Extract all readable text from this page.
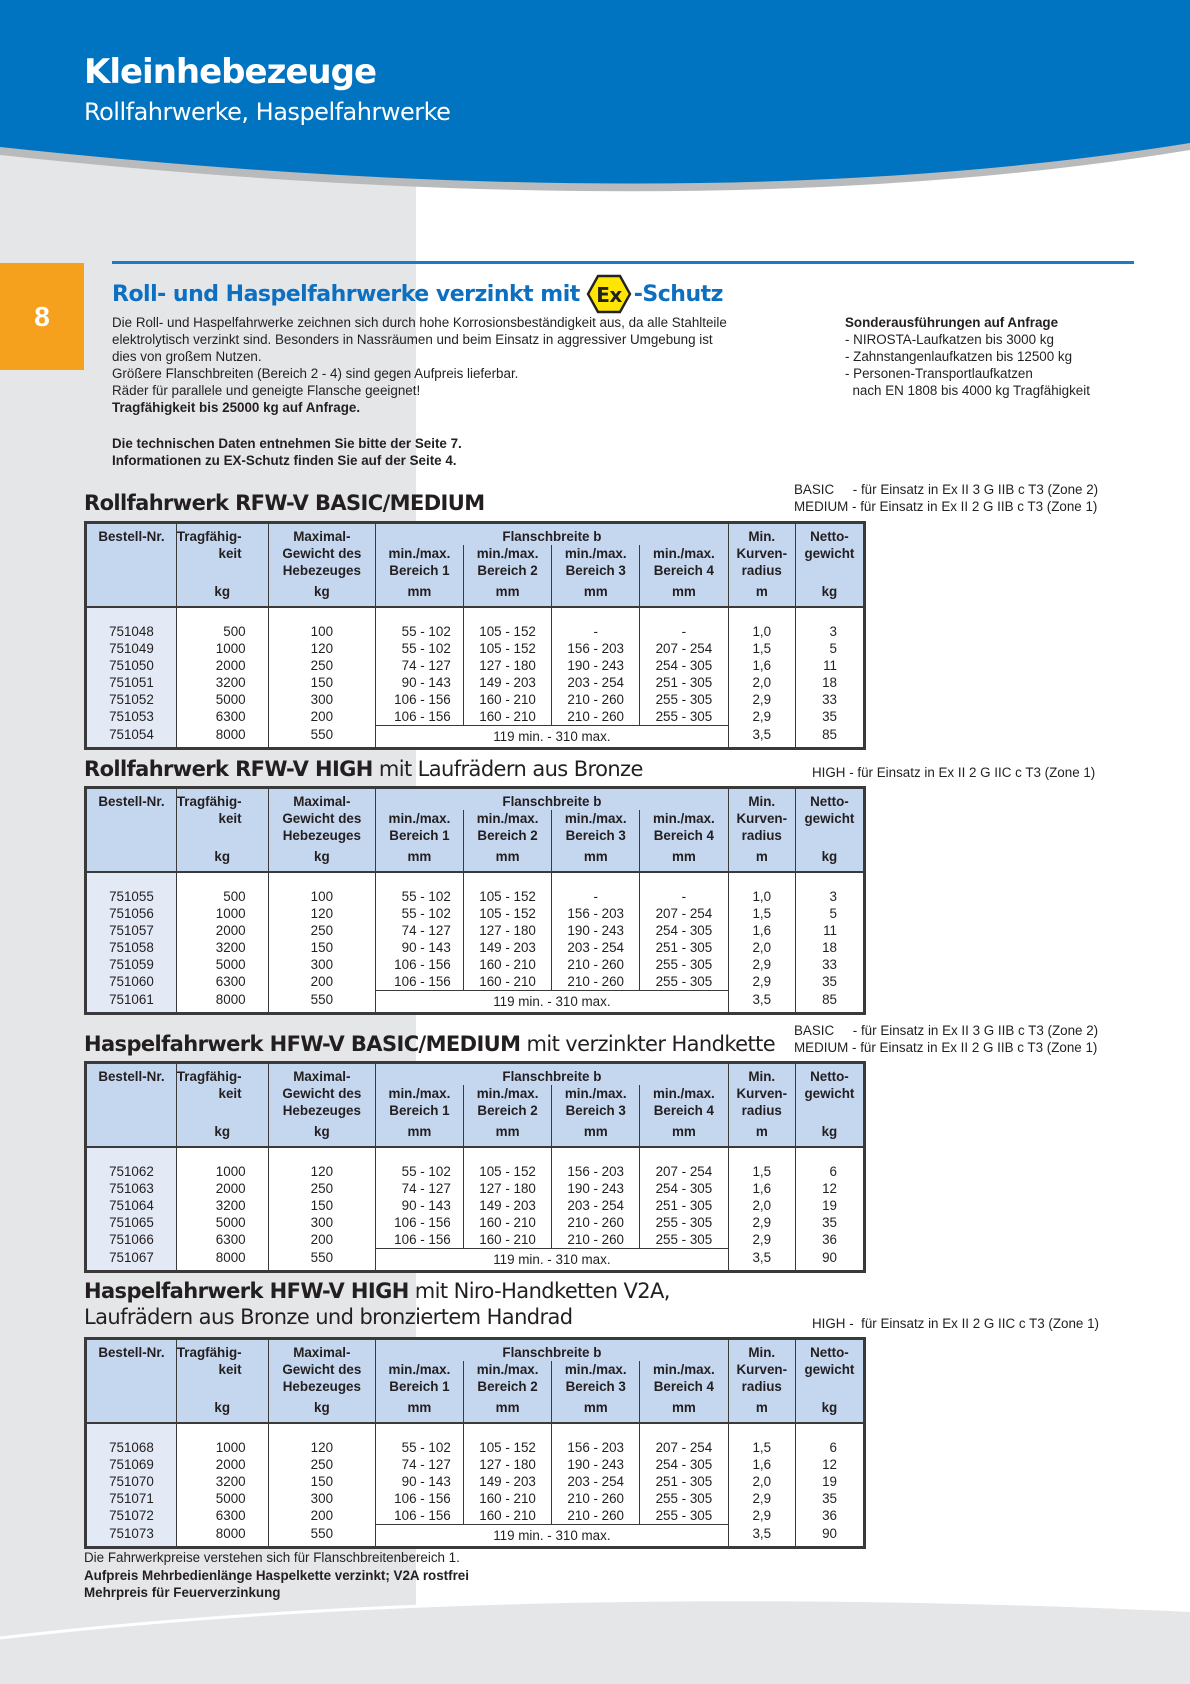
Kleinhebezeuge
Rollfahrwerke, Haspelfahrwerke
8
Roll- und Haspelfahrwerke verzinkt mit Ex -Schutz

Die Roll- und Haspelfahrwerke zeichnen sich durch hohe Korrosionsbeständigkeit aus, da alle Stahlteile

elektrolytisch verzinkt sind. Besonders in Nassräumen und beim Einsatz in aggressiver Umgebung ist

dies von großem Nutzen.

Größere Flanschbreiten (Bereich 2 - 4) sind gegen Aufpreis lieferbar.

Räder für parallele und geneigte Flansche geeignet!

Tragfähigkeit bis 25000 kg auf Anfrage.

Die technischen Daten entnehmen Sie bitte der Seite 7.

Informationen zu EX-Schutz finden Sie auf der Seite 4.

Sonderausführungen auf Anfrage

- NIROSTA-Laufkatzen bis 3000 kg

- Zahnstangenlaufkatzen bis 12500 kg

- Personen-Transportlaufkatzen

nach EN 1808 bis 4000 kg Tragfähigkeit

Rollfahrwerk RFW-V BASIC/MEDIUM
BASIC     - für Einsatz in Ex II 3 G IIB c T3 (Zone 2)
MEDIUM - für Einsatz in Ex II 2 G IIB c T3 (Zone 1)
Bestell-Nr.	Tragfähig-
keit	Maximal-
Gewicht des
Hebezeuges	Flanschbreite b				Min.
Kurven-
radius	Netto-
gewicht
			min./max.
Bereich 1	min./max.
Bereich 2	min./max.
Bereich 3	min./max.
Bereich 4		
	kg	kg	mm	mm	mm	mm	m	kg

751048	500	100	55 - 102	105 - 152	-	-	1,0	3
751049	1000	120	55 - 102	105 - 152	156 - 203	207 - 254	1,5	5
751050	2000	250	74 - 127	127 - 180	190 - 243	254 - 305	1,6	11
751051	3200	150	90 - 143	149 - 203	203 - 254	251 - 305	2,0	18
751052	5000	300	106 - 156	160 - 210	210 - 260	255 - 305	2,9	33
751053	6300	200	106 - 156	160 - 210	210 - 260	255 - 305	2,9	35
751054	8000	550	119 min. - 310 max.				3,5	85
Rollfahrwerk RFW-V HIGH mit Laufrädern aus Bronze	HIGH - für Einsatz in Ex II 2 G IIC c T3 (Zone 1)
Bestell-Nr.	Tragfähig-
keit	Maximal-
Gewicht des
Hebezeuges	Flanschbreite b				Min.
Kurven-
radius	Netto-
gewicht
			min./max.
Bereich 1	min./max.
Bereich 2	min./max.
Bereich 3	min./max.
Bereich 4		
	kg	kg	mm	mm	mm	mm	m	kg

751055	500	100	55 - 102	105 - 152	-	-	1,0	3
751056	1000	120	55 - 102	105 - 152	156 - 203	207 - 254	1,5	5
751057	2000	250	74 - 127	127 - 180	190 - 243	254 - 305	1,6	11
751058	3200	150	90 - 143	149 - 203	203 - 254	251 - 305	2,0	18
751059	5000	300	106 - 156	160 - 210	210 - 260	255 - 305	2,9	33
751060	6300	200	106 - 156	160 - 210	210 - 260	255 - 305	2,9	35
751061	8000	550	119 min. - 310 max.				3,5	85
Haspelfahrwerk HFW-V BASIC/MEDIUM mit verzinkter Handkette
BASIC     - für Einsatz in Ex II 3 G IIB c T3 (Zone 2)
MEDIUM - für Einsatz in Ex II 2 G IIB c T3 (Zone 1)
Bestell-Nr.	Tragfähig-
keit	Maximal-
Gewicht des
Hebezeuges	Flanschbreite b				Min.
Kurven-
radius	Netto-
gewicht
			min./max.
Bereich 1	min./max.
Bereich 2	min./max.
Bereich 3	min./max.
Bereich 4		
	kg	kg	mm	mm	mm	mm	m	kg

751062	1000	120	55 - 102	105 - 152	156 - 203	207 - 254	1,5	6
751063	2000	250	74 - 127	127 - 180	190 - 243	254 - 305	1,6	12
751064	3200	150	90 - 143	149 - 203	203 - 254	251 - 305	2,0	19
751065	5000	300	106 - 156	160 - 210	210 - 260	255 - 305	2,9	35
751066	6300	200	106 - 156	160 - 210	210 - 260	255 - 305	2,9	36
751067	8000	550	119 min. - 310 max.				3,5	90
Haspelfahrwerk HFW-V HIGH mit Niro-Handketten V2A,
Laufrädern aus Bronze und bronziertem Handrad	HIGH -  für Einsatz in Ex II 2 G IIC c T3 (Zone 1)
Bestell-Nr.	Tragfähig-
keit	Maximal-
Gewicht des
Hebezeuges	Flanschbreite b				Min.
Kurven-
radius	Netto-
gewicht
			min./max.
Bereich 1	min./max.
Bereich 2	min./max.
Bereich 3	min./max.
Bereich 4		
	kg	kg	mm	mm	mm	mm	m	kg

751068	1000	120	55 - 102	105 - 152	156 - 203	207 - 254	1,5	6
751069	2000	250	74 - 127	127 - 180	190 - 243	254 - 305	1,6	12
751070	3200	150	90 - 143	149 - 203	203 - 254	251 - 305	2,0	19
751071	5000	300	106 - 156	160 - 210	210 - 260	255 - 305	2,9	35
751072	6300	200	106 - 156	160 - 210	210 - 260	255 - 305	2,9	36
751073	8000	550	119 min. - 310 max.				3,5	90

Die Fahrwerkpreise verstehen sich für Flanschbreitenbereich 1.

Aufpreis Mehrbedienlänge Haspelkette verzinkt; V2A rostfrei

Mehrpreis für Feuerverzinkung
